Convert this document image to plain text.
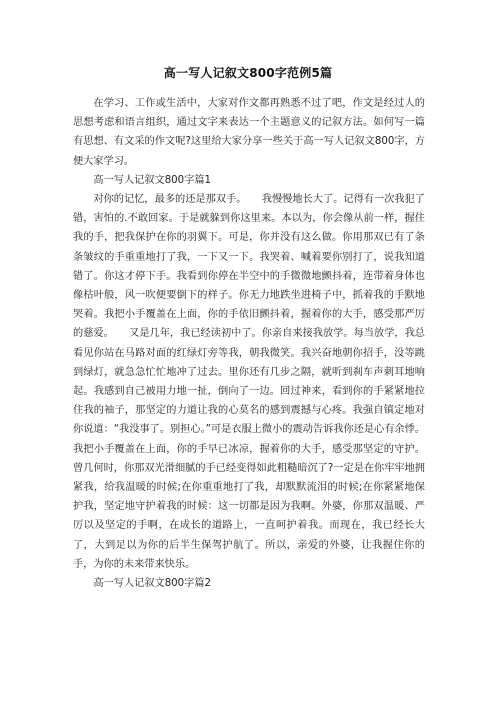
高一写人记叙文800字范例5篇

在学习、工作或生活中，大家对作文都再熟悉不过了吧，作文是经过人的思想考虑和语言组织，通过文字来表达一个主题意义的记叙方法。如何写一篇有思想、有文采的作文呢?这里给大家分享一些关于高一写人记叙文800字，方便大家学习。

高一写人记叙文800字篇1

对你的记忆，最多的还是那双手。　　我慢慢地长大了。记得有一次我犯了错，害怕的.不敢回家。于是就躲到你这里来。本以为，你会像从前一样，握住我的手，把我保护在你的羽翼下。可是，你并没有这么做。你用那双已有了条条皱纹的手重重地打了我，一下又一下。我哭着、喊着要你别打了，说我知道错了。你这才停下手。我看到你停在半空中的手微微地颤抖着，连带着身体也像枯叶般，风一吹便要倒下的样子。你无力地跌坐进椅子中，抓着我的手默地哭着。我把小手覆盖在上面，你的手依旧颤抖着，握着你的大手，感受那严厉的慈爱。　　又是几年，我已经读初中了。你亲自来接我放学。每当放学，我总看见你站在马路对面的红绿灯旁等我，朝我微笑。我兴奋地朝你招手，没等跳到绿灯，就急急忙忙地冲了过去。里你还有几步之隔，就听到刹车声刺耳地响起。我感到自己被用力地一扯，倒向了一边。回过神来，看到你的手紧紧地拉住我的袖子，那坚定的力道让我的心莫名的感到震撼与心疼。我强自镇定地对你说道：“我没事了。别担心。”可是衣服上微小的震动告诉我你还是心有余悸。我把小手覆盖在上面，你的手早已冰凉，握着你的大手，感受那坚定的守护。曾几何时，你那双光滑细腻的手已经变得如此粗糙暗沉了?一定是在你牢牢地拥紧我，给我温暖的时候;在你重重地打了我，却默默流泪的时候;在你紧紧地保护我，坚定地守护着我的时候：这一切都是因为我啊。外婆，你那双温暖、严厉以及坚定的手啊，在成长的道路上，一直呵护着我。而现在，我已经长大了，大到足以为你的后半生保驾护航了。所以，亲爱的外婆，让我握住你的手，为你的未来带来快乐。

高一写人记叙文800字篇2
